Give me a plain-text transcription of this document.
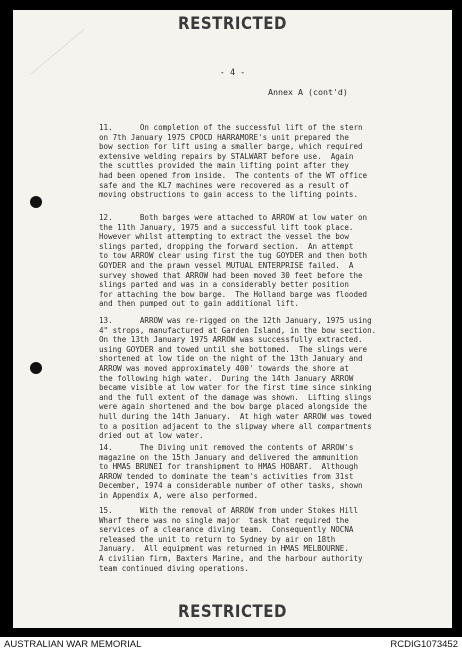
RESTRICTED
- 4 -
Annex A (cont'd)

11.      On completion of the successful lift of the stern

on 7th January 1975 CPOCD HARRAMORE's unit prepared the

bow section for lift using a smaller barge, which required

extensive welding repairs by STALWART before use.  Again

the scuttles provided the main lifting point after they

had been opened from inside.  The contents of the WT office

safe and the KL7 machines were recovered as a result of

moving obstructions to gain access to the lifting points.

12.      Both barges were attached to ARROW at low water on

the 11th January, 1975 and a successful lift took place.

However whilst attempting to extract the vessel the bow

slings parted, dropping the forward section.  An attempt

to tow ARROW clear using first the tug GOYDER and then both

GOYDER and the prawn vessel MUTUAL ENTERPRISE failed.  A

survey showed that ARROW had been moved 30 feet before the

slings parted and was in a considerably better position

for attaching the bow barge.  The Holland barge was flooded

and then pumped out to gain additional lift.

13.      ARROW was re-rigged on the 12th January, 1975 using

4" strops, manufactured at Garden Island, in the bow section.

On the 13th January 1975 ARROW was successfully extracted.

using GOYDER and towed until she bottomed.  The slings were

shortened at low tide on the night of the 13th January and

ARROW was moved approximately 400' towards the shore at

the following high water.  During the 14th January ARROW

became visible at low water for the first time since sinking

and the full extent of the damage was shown.  Lifting slings

were again shortened and the bow barge placed alongside the

hull during the 14th January.  At high water ARROW was towed

to a position adjacent to the slipway where all compartments

dried out at low water.

14.      The Diving unit removed the contents of ARROW's

magazine on the 15th January and delivered the ammunition

to HMAS BRUNEI for transhipment to HMAS HOBART.  Although

ARROW tended to dominate the team's activities from 31st

December, 1974 a considerable number of other tasks, shown

in Appendix A, were also performed.

15.      With the removal of ARROW from under Stokes Hill

Wharf there was no single major  task that required the

services of a clearance diving team.  Consequently NOCNA

released the unit to return to Sydney by air on 18th

January.  All equipment was returned in HMAS MELBOURNE.

A civilian firm, Baxters Marine, and the harbour authority

team continued diving operations.

RESTRICTED
AUSTRALIAN WAR MEMORIAL	RCDIG1073452
